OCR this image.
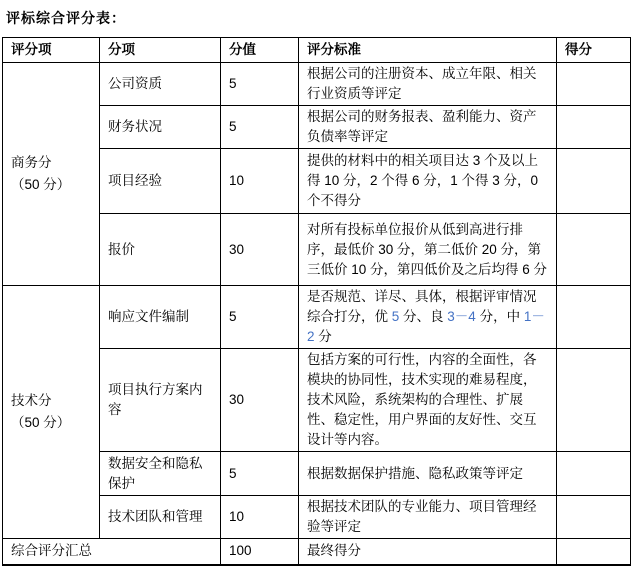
评标综合评分表：
评分项	分项	分值	评分标准	得分

商务分
（50 分）	公司资质	5	根据公司的注册资本、成立年限、相关行业资质等评定	
	财务状况	5	根据公司的财务报表、盈利能力、资产负债率等评定	
	项目经验	10	提供的材料中的相关项目达 3 个及以上得 10 分，2 个得 6 分，1 个得 3 分，0 个不得分	
	报价	30	对所有投标单位报价从低到高进行排序，最低价 30 分，第二低价 20 分，第三低价 10 分，第四低价及之后均得 6 分	

技术分
（50 分）	响应文件编制	5	是否规范、详尽、具体，根据评审情况综合打分，优 5 分、良 3－4 分，中 1－2 分	
	项目执行方案内容	30	包括方案的可行性，内容的全面性，各模块的协同性，技术实现的难易程度，技术风险，系统架构的合理性、扩展性、稳定性，用户界面的友好性、交互设计等内容。	
	数据安全和隐私保护	5	根据数据保护措施、隐私政策等评定	
	技术团队和管理	10	根据技术团队的专业能力、项目管理经验等评定	
综合评分汇总		100	最终得分	
